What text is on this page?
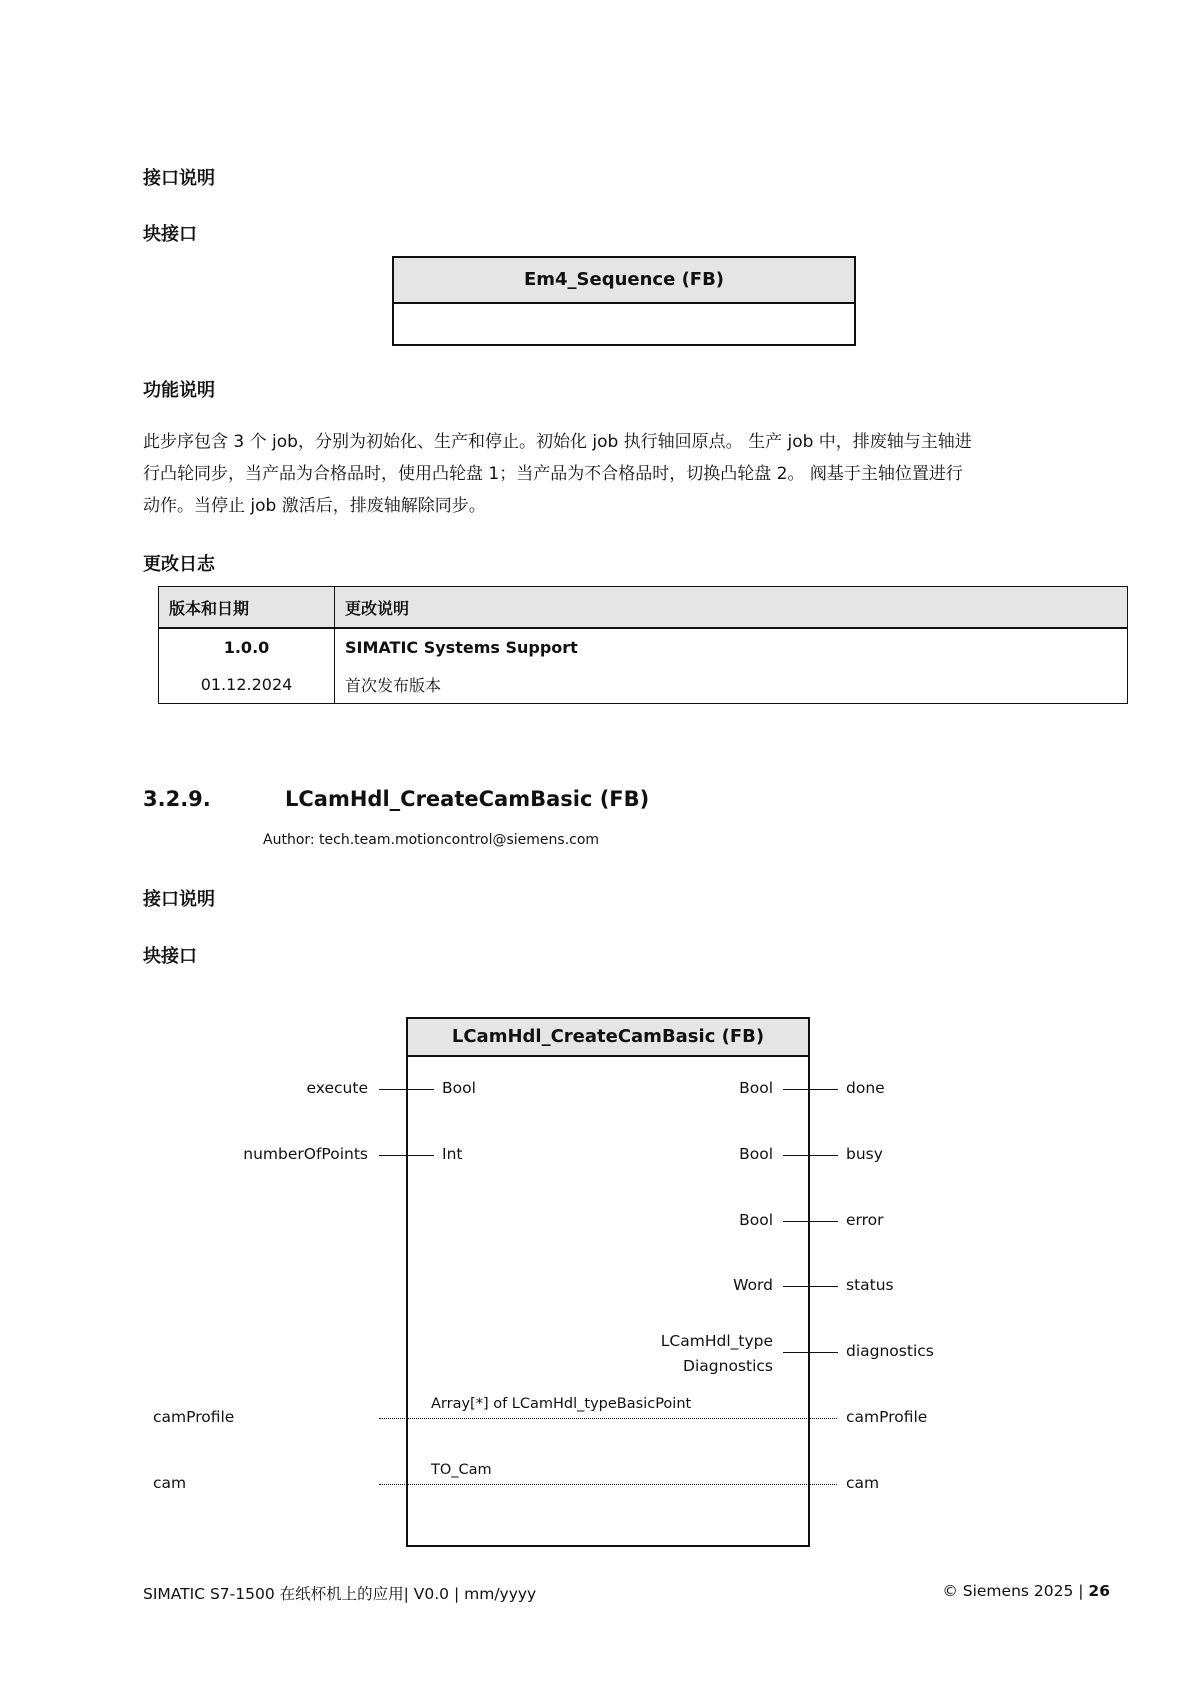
接口说明
块接口
Em4_Sequence (FB)
功能说明
此步序包含 3 个 job，分别为初始化、生产和停止。初始化 job 执行轴回原点。 生产 job 中，排废轴与主轴进
行凸轮同步，当产品为合格品时，使用凸轮盘 1；当产品为不合格品时，切换凸轮盘 2。 阀基于主轴位置进行
动作。当停止 job 激活后，排废轴解除同步。
更改日志
版本和日期	更改说明
1.0.0	SIMATIC Systems Support
01.12.2024	首次发布版本
3.2.9.	LCamHdl_CreateCamBasic (FB)
Author: tech.team.motioncontrol@siemens.com
接口说明
块接口
LCamHdl_CreateCamBasic (FB)
execute	Bool
numberOfPoints	Int
Bool	done
Bool	busy
Bool	error
Word	status
LCamHdl_type
Diagnostics
diagnostics
camProfile
Array[*] of LCamHdl_typeBasicPoint
camProfile
cam
TO_Cam
cam
SIMATIC S7-1500 在纸杯机上的应用| V0.0 | mm/yyyy	© Siemens 2025 | 26
